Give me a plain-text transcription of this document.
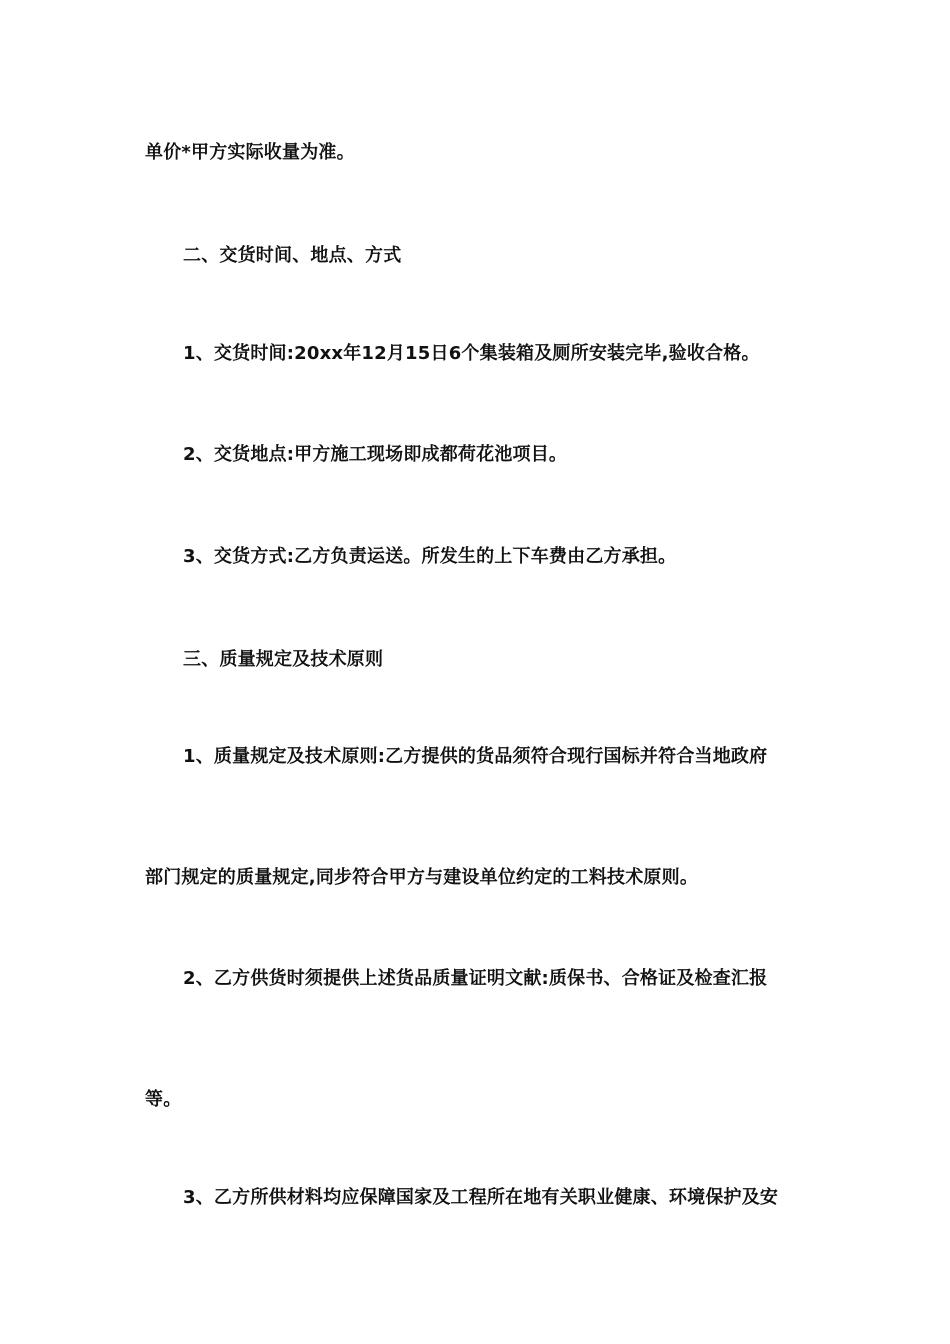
单价*甲方实际收量为准。
二、交货时间、地点、方式
1、交货时间:20xx年12月15日6个集装箱及厕所安装完毕,验收合格。
2、交货地点:甲方施工现场即成都荷花池项目。
3、交货方式:乙方负责运送。所发生的上下车费由乙方承担。
三、质量规定及技术原则
1、质量规定及技术原则:乙方提供的货品须符合现行国标并符合当地政府
部门规定的质量规定,同步符合甲方与建设单位约定的工料技术原则。
2、乙方供货时须提供上述货品质量证明文献:质保书、合格证及检查汇报
等。
3、乙方所供材料均应保障国家及工程所在地有关职业健康、环境保护及安
